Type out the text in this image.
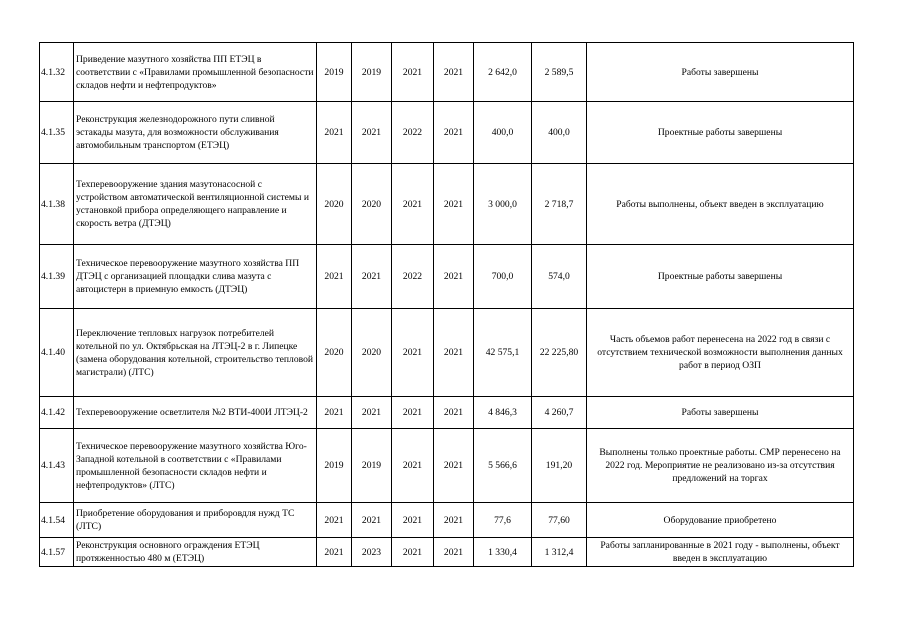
4.1.32	Приведение мазутного хозяйства ПП ЕТЭЦ в соответствии с «Правилами промышленной безопасности складов нефти и нефтепродуктов»	2019	2019	2021	2021	2 642,0	2 589,5	Работы завершены
4.1.35	Реконструкция железнодорожного пути сливной эстакады мазута, для возможности обслуживания автомобильным транспортом (ЕТЭЦ)	2021	2021	2022	2021	400,0	400,0	Проектные работы завершены
4.1.38	Техперевооружение здания мазутонасосной с устройством автоматической вентиляционной системы и установкой прибора определяющего направление и скорость ветра (ДТЭЦ)	2020	2020	2021	2021	3 000,0	2 718,7	Работы выполнены, объект введен в эксплуатацию
4.1.39	Техническое перевооружение мазутного хозяйства ПП ДТЭЦ с организацией площадки слива мазута с автоцистерн в приемную емкость (ДТЭЦ)	2021	2021	2022	2021	700,0	574,0	Проектные работы завершены
4.1.40	Переключение тепловых нагрузок потребителей котельной по ул. Октябрьская на ЛТЭЦ-2 в г. Липецке (замена оборудования котельной, строительство тепловой магистрали) (ЛТС)	2020	2020	2021	2021	42 575,1	22 225,80	Часть объемов работ перенесена на 2022 год в связи с отсутствием технической возможности выполнения данных работ в период ОЗП
4.1.42	Техперевооружение осветлителя №2 ВТИ-400И ЛТЭЦ-2	2021	2021	2021	2021	4 846,3	4 260,7	Работы завершены
4.1.43	Техническое перевооружение мазутного хозяйства Юго-Западной котельной в соответствии с «Правилами промышленной безопасности складов нефти и нефтепродуктов» (ЛТС)	2019	2019	2021	2021	5 566,6	191,20	Выполнены только проектные работы. СМР перенесено на 2022 год. Мероприятие не реализовано из-за отсутствия предложений на торгах
4.1.54	Приобретение оборудования и приборовдля нужд ТС (ЛТС)	2021	2021	2021	2021	77,6	77,60	Оборудование приобретено
4.1.57	Реконструкция основного ограждения ЕТЭЦ протяженностью 480 м (ЕТЭЦ)	2021	2023	2021	2021	1 330,4	1 312,4	Работы запланированные в 2021 году - выполнены, объект введен в эксплуатацию
